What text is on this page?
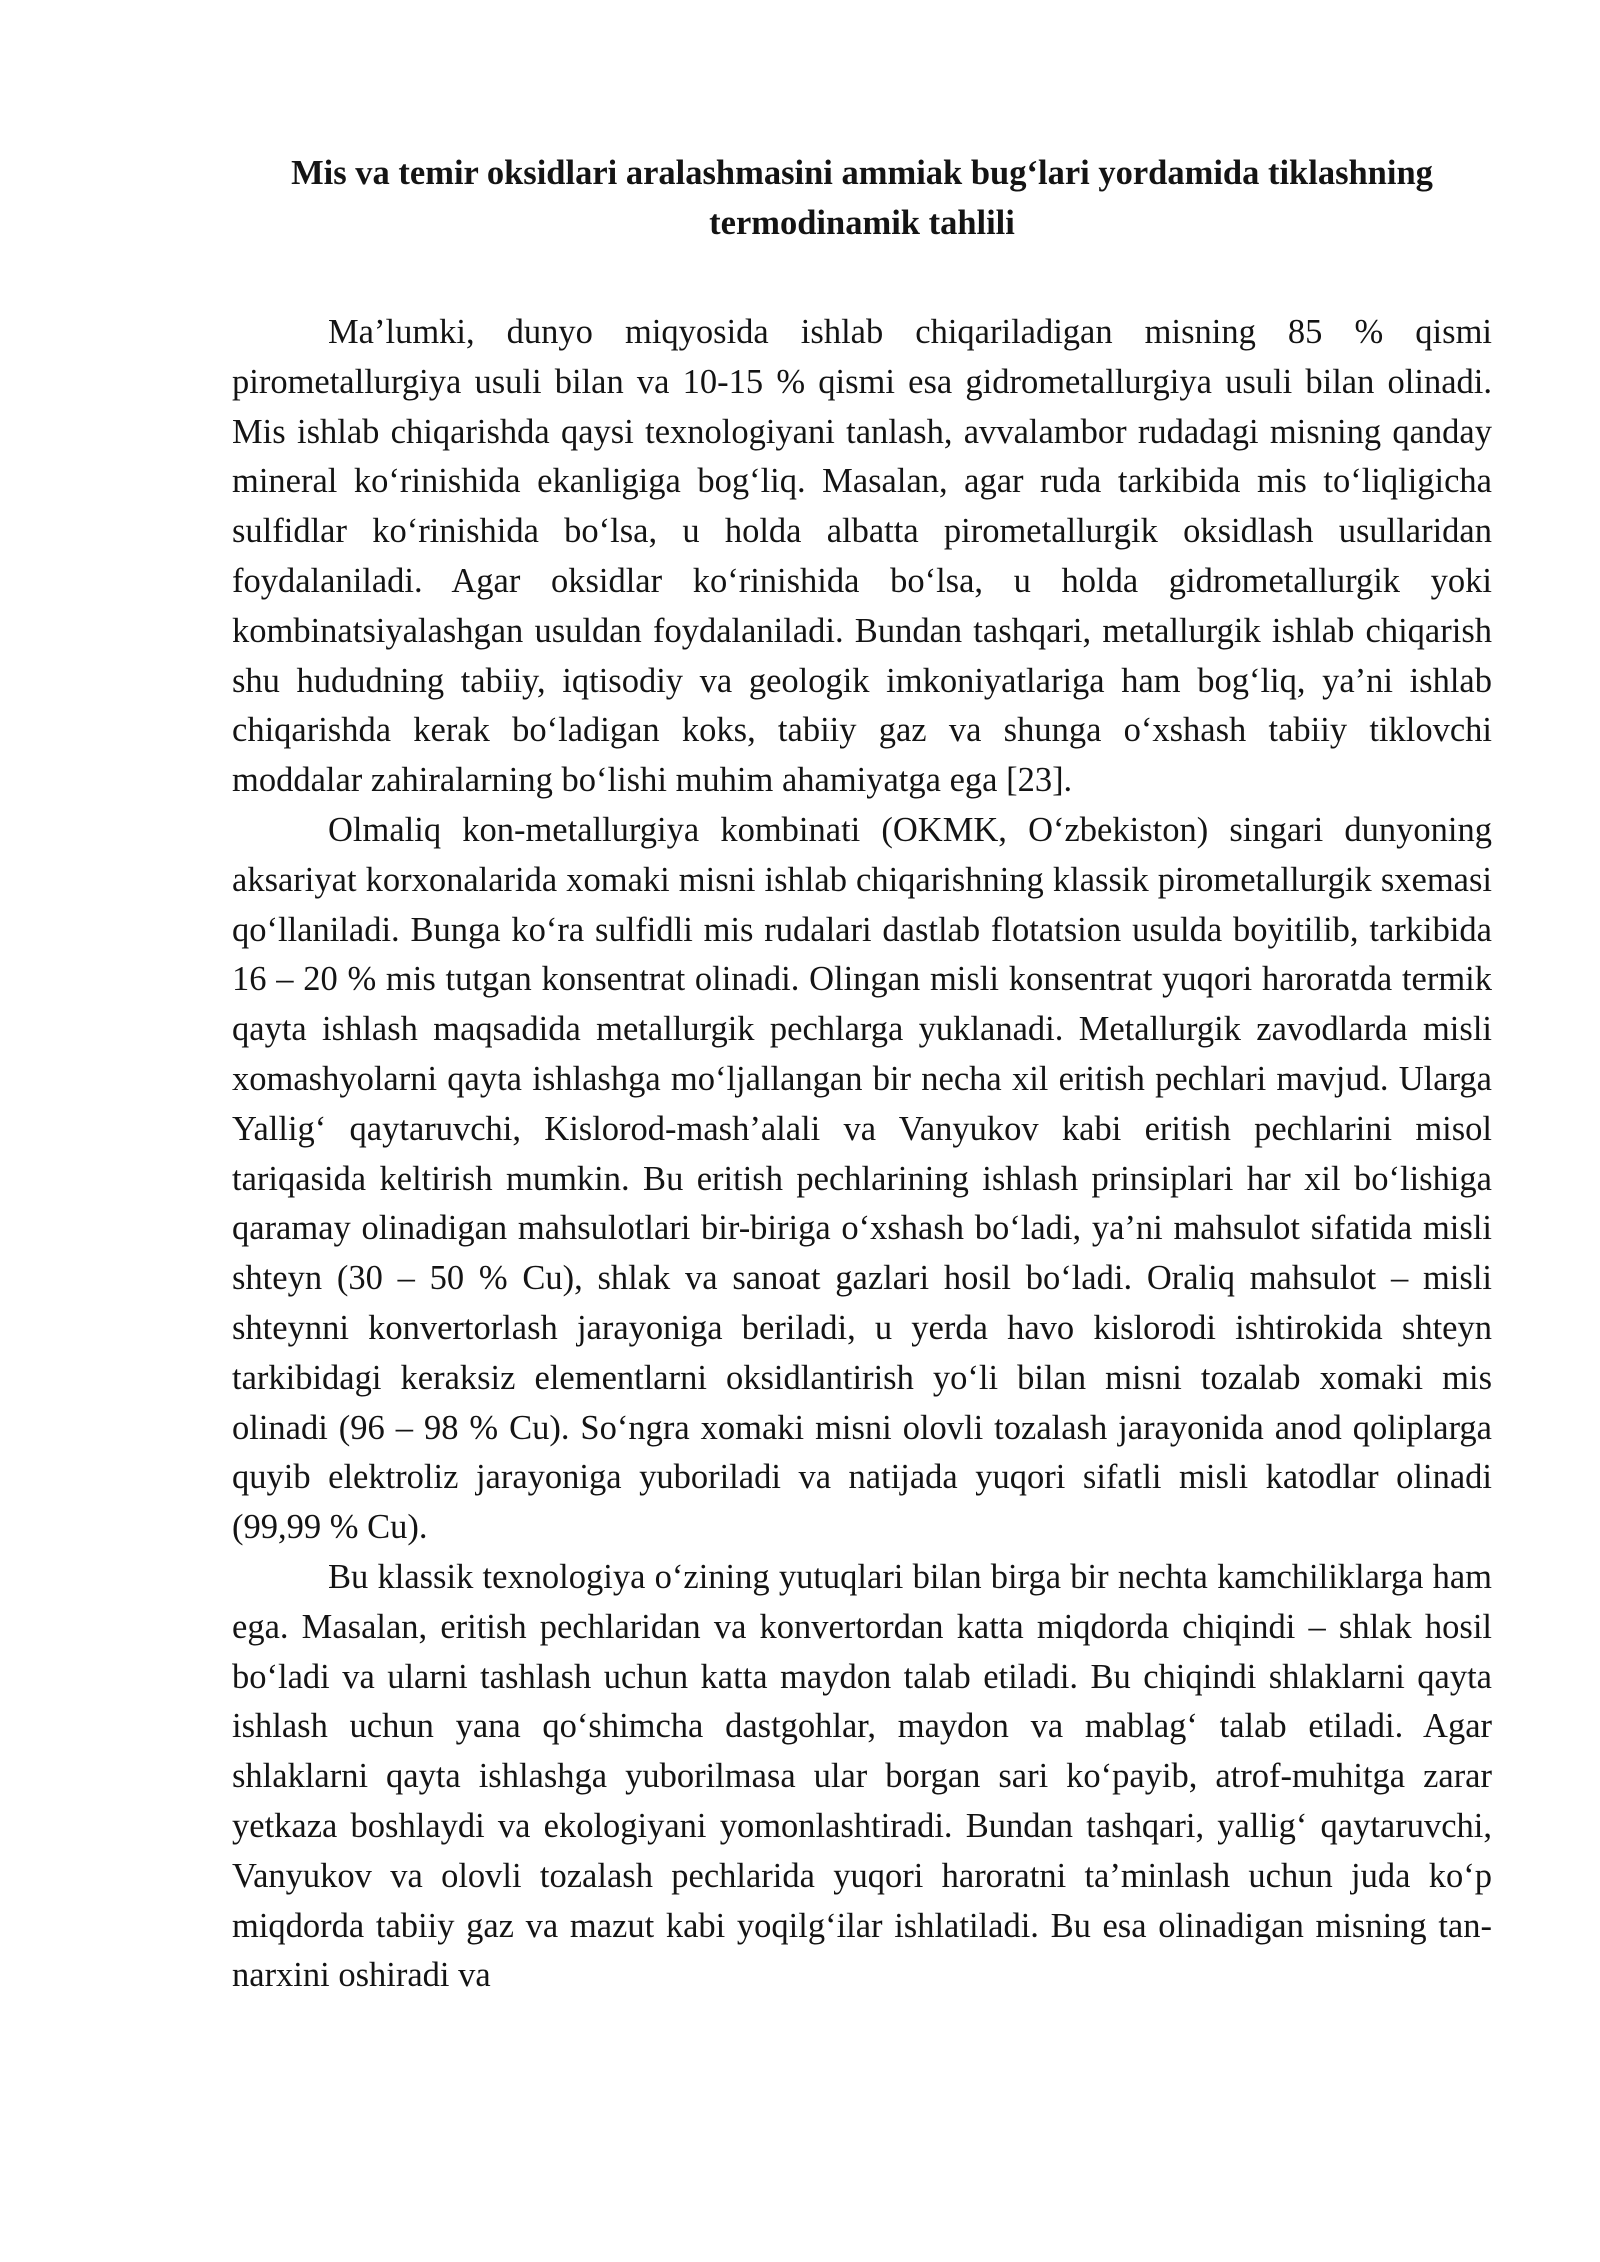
Mis va temir oksidlari aralashmasini ammiak bug‘lari yordamida tiklashning termodinamik tahlili

Ma’lumki, dunyo miqyosida ishlab chiqariladigan misning 85 % qismi pirometallurgiya usuli bilan va 10-15 % qismi esa gidrometallurgiya usuli bilan olinadi. Mis ishlab chiqarishda qaysi texnologiyani tanlash, avvalambor rudadagi misning qanday mineral ko‘rinishida ekanligiga bog‘liq. Masalan, agar ruda tarkibida mis to‘liqligicha sulfidlar ko‘rinishida bo‘lsa, u holda albatta pirometallurgik oksidlash usullaridan foydalaniladi. Agar oksidlar ko‘rinishida bo‘lsa, u holda gidrometallurgik yoki kombinatsiyalashgan usuldan foydalaniladi. Bundan tashqari, metallurgik ishlab chiqarish shu hududning tabiiy, iqtisodiy va geologik imkoniyatlariga ham bog‘liq, ya’ni ishlab chiqarishda kerak bo‘ladigan koks, tabiiy gaz va shunga o‘xshash tabiiy tiklovchi moddalar zahiralarning bo‘lishi muhim ahamiyatga ega [23].

Olmaliq kon-metallurgiya kombinati (OKMK, O‘zbekiston) singari dunyoning aksariyat korxonalarida xomaki misni ishlab chiqarishning klassik pirometallurgik sxemasi qo‘llaniladi. Bunga ko‘ra sulfidli mis rudalari dastlab flotatsion usulda boyitilib, tarkibida 16 – 20 % mis tutgan konsentrat olinadi. Olingan misli konsentrat yuqori haroratda termik qayta ishlash maqsadida metallurgik pechlarga yuklanadi. Metallurgik zavodlarda misli xomashyolarni qayta ishlashga mo‘ljallangan bir necha xil eritish pechlari mavjud. Ularga Yallig‘ qaytaruvchi, Kislorod-mash’alali va Vanyukov kabi eritish pechlarini misol tariqasida keltirish mumkin. Bu eritish pechlarining ishlash prinsiplari har xil bo‘lishiga qaramay olinadigan mahsulotlari bir-biriga o‘xshash bo‘ladi, ya’ni mahsulot sifatida misli shteyn (30 – 50 % Cu), shlak va sanoat gazlari hosil bo‘ladi. Oraliq mahsulot – misli shteynni konvertorlash jarayoniga beriladi, u yerda havo kislorodi ishtirokida shteyn tarkibidagi keraksiz elementlarni oksidlantirish yo‘li bilan misni tozalab xomaki mis olinadi (96 – 98 % Cu). So‘ngra xomaki misni olovli tozalash jarayonida anod qoliplarga quyib elektroliz jarayoniga yuboriladi va natijada yuqori sifatli misli katodlar olinadi (99,99 % Cu).

Bu klassik texnologiya o‘zining yutuqlari bilan birga bir nechta kamchiliklarga ham ega. Masalan, eritish pechlaridan va konvertordan katta miqdorda chiqindi – shlak hosil bo‘ladi va ularni tashlash uchun katta maydon talab etiladi. Bu chiqindi shlaklarni qayta ishlash uchun yana qo‘shimcha dastgohlar, maydon va mablag‘ talab etiladi. Agar shlaklarni qayta ishlashga yuborilmasa ular borgan sari ko‘payib, atrof-muhitga zarar yetkaza boshlaydi va ekologiyani yomonlashtiradi. Bundan tashqari, yallig‘ qaytaruvchi, Vanyukov va olovli tozalash pechlarida yuqori haroratni ta’minlash uchun juda ko‘p miqdorda tabiiy gaz va mazut kabi yoqilg‘ilar ishlatiladi. Bu esa olinadigan misning tan-narxini oshiradi va
